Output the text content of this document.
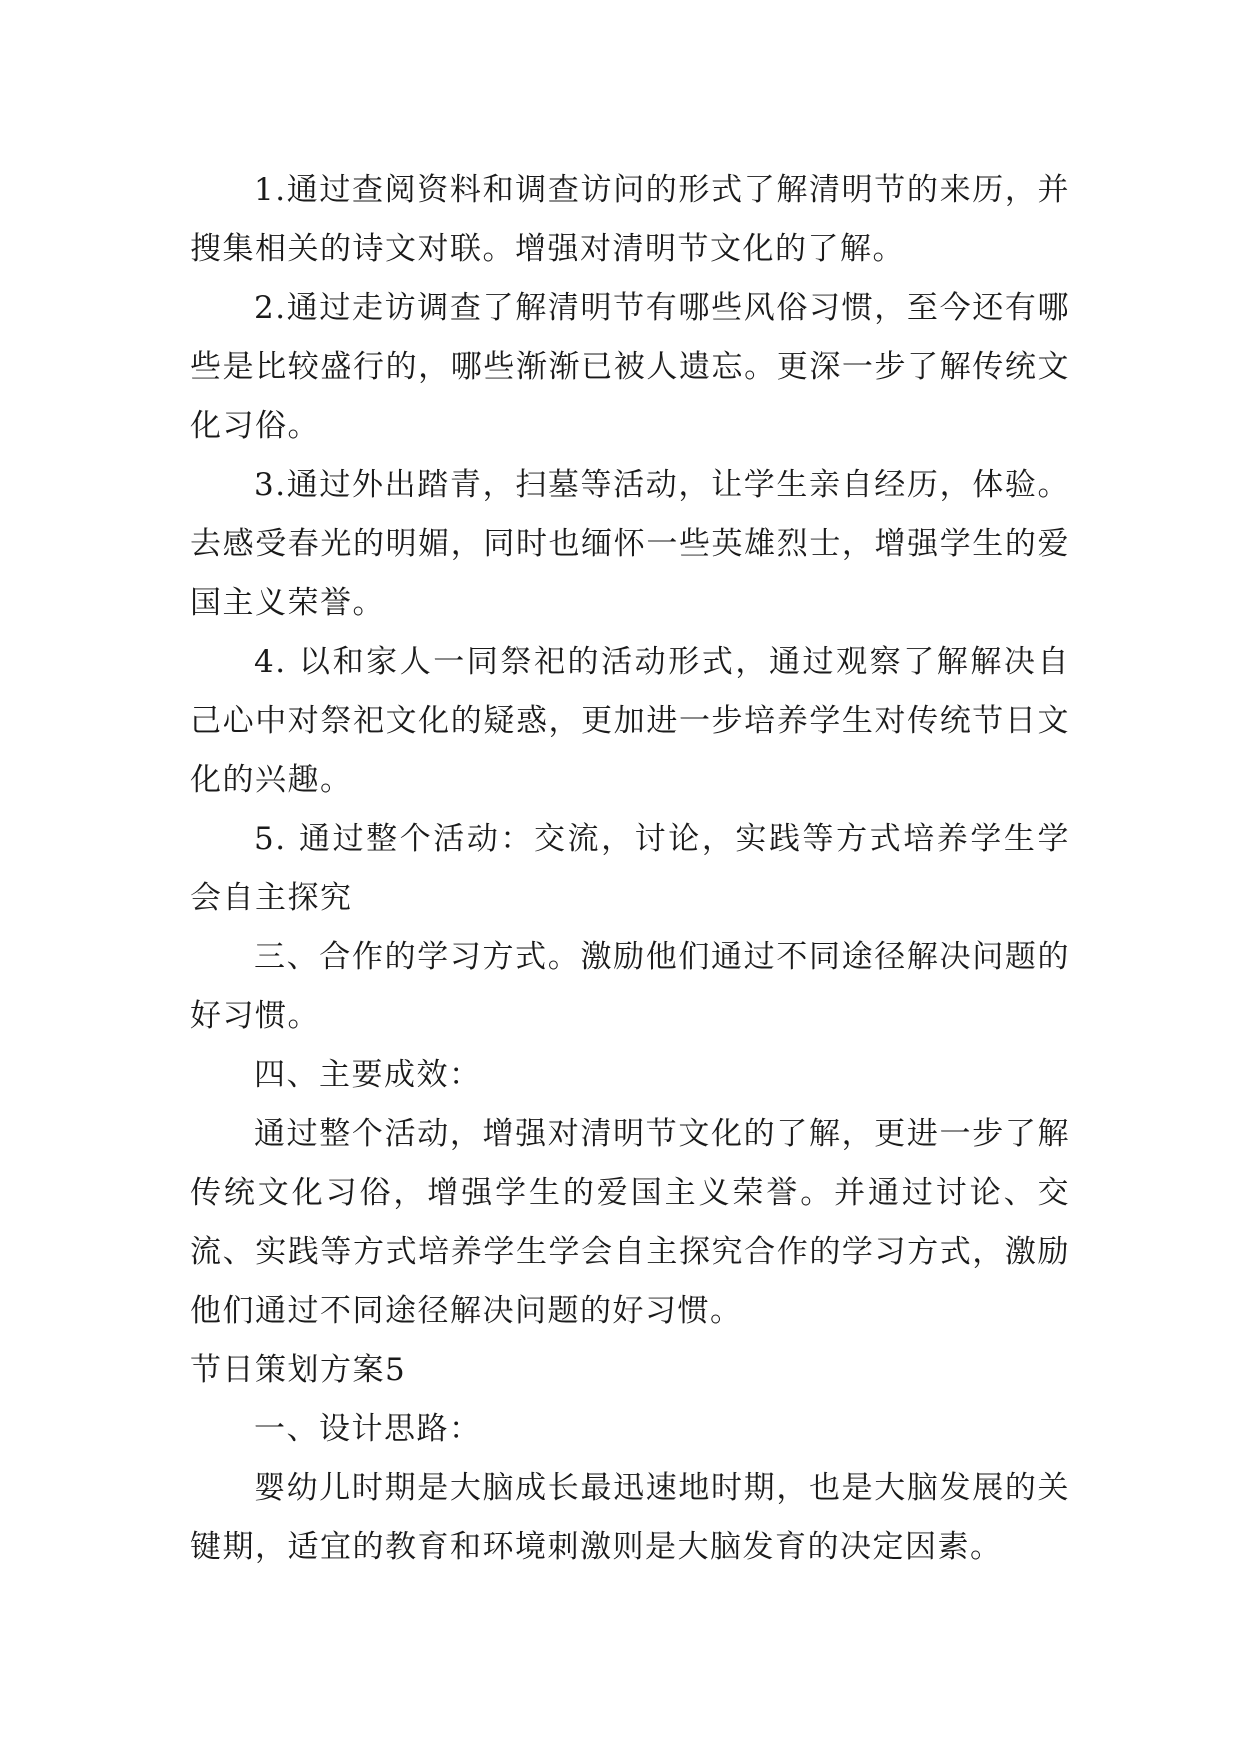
1.通过查阅资料和调查访问的形式了解清明节的来历，并搜集相关的诗文对联。增强对清明节文化的了解。

2.通过走访调查了解清明节有哪些风俗习惯，至今还有哪些是比较盛行的，哪些渐渐已被人遗忘。更深一步了解传统文化习俗。

3.通过外出踏青，扫墓等活动，让学生亲自经历，体验。去感受春光的明媚，同时也缅怀一些英雄烈士，增强学生的爱国主义荣誉。

4. 以和家人一同祭祀的活动形式，通过观察了解解决自己心中对祭祀文化的疑惑，更加进一步培养学生对传统节日文化的兴趣。

5. 通过整个活动：交流，讨论，实践等方式培养学生学会自主探究

三、合作的学习方式。激励他们通过不同途径解决问题的好习惯。

四、主要成效：

通过整个活动，增强对清明节文化的了解，更进一步了解传统文化习俗，增强学生的爱国主义荣誉。并通过讨论、交流、实践等方式培养学生学会自主探究合作的学习方式，激励他们通过不同途径解决问题的好习惯。

节日策划方案5

一、设计思路：

婴幼儿时期是大脑成长最迅速地时期，也是大脑发展的关键期，适宜的教育和环境刺激则是大脑发育的决定因素。
